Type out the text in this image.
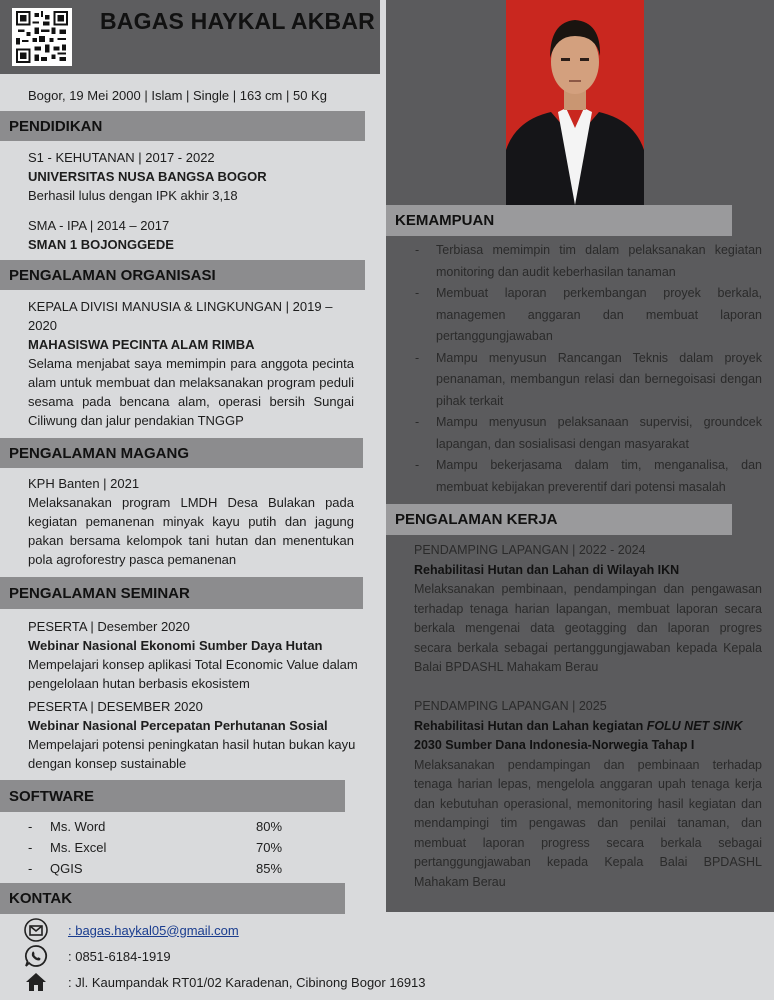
BAGAS HAYKAL AKBAR
Bogor, 19 Mei 2000 | Islam | Single | 163 cm | 50 Kg
PENDIDIKAN
S1 - KEHUTANAN | 2017 - 2022
UNIVERSITAS NUSA BANGSA BOGOR
Berhasil lulus dengan IPK akhir 3,18
SMA - IPA | 2014 – 2017
SMAN 1 BOJONGGEDE
PENGALAMAN ORGANISASI
KEPALA DIVISI MANUSIA & LINGKUNGAN | 2019 – 2020
MAHASISWA PECINTA ALAM RIMBA
Selama menjabat saya memimpin para anggota pecinta alam untuk membuat dan melaksanakan program peduli sesama pada bencana alam, operasi bersih Sungai Ciliwung dan jalur pendakian TNGGP
PENGALAMAN MAGANG
KPH Banten | 2021
Melaksanakan program LMDH Desa Bulakan pada kegiatan pemanenan minyak kayu putih dan jagung pakan bersama kelompok tani hutan dan menentukan pola agroforestry pasca pemanenan
PENGALAMAN SEMINAR
PESERTA | Desember 2020
Webinar Nasional Ekonomi Sumber Daya Hutan
Mempelajari konsep aplikasi Total Economic Value dalam pengelolaan hutan berbasis ekosistem
PESERTA | DESEMBER 2020
Webinar Nasional Percepatan Perhutanan Sosial
Mempelajari potensi peningkatan hasil hutan bukan kayu dengan konsep sustainable
SOFTWARE
- Ms. Word	80%
- Ms. Excel	70%
- QGIS	85%
KONTAK
: bagas.haykal05@gmail.com
: 0851-6184-1919
: Jl. Kaumpandak RT01/02 Karadenan, Cibinong Bogor 16913
KEMAMPUAN
- Terbiasa memimpin tim dalam pelaksanakan kegiatan monitoring dan audit keberhasilan tanaman
- Membuat laporan perkembangan proyek berkala, managemen anggaran dan membuat laporan pertanggungjawaban
- Mampu menyusun Rancangan Teknis dalam proyek penanaman, membangun relasi dan bernegoisasi dengan pihak terkait
- Mampu menyusun pelaksanaan supervisi, groundcek lapangan, dan sosialisasi dengan masyarakat
- Mampu bekerjasama dalam tim, menganalisa, dan membuat kebijakan preverentif dari potensi masalah
PENGALAMAN KERJA
PENDAMPING LAPANGAN | 2022 - 2024
Rehabilitasi Hutan dan Lahan di Wilayah IKN
Melaksanakan pembinaan, pendampingan dan pengawasan terhadap tenaga harian lapangan, membuat laporan secara berkala mengenai data geotagging dan laporan progres secara berkala sebagai pertanggungjawaban kepada Kepala Balai BPDASHL Mahakam Berau
PENDAMPING LAPANGAN | 2025
Rehabilitasi Hutan dan Lahan kegiatan FOLU NET SINK 2030 Sumber Dana Indonesia-Norwegia Tahap I
Melaksanakan pendampingan dan pembinaan terhadap tenaga harian lepas, mengelola anggaran upah tenaga kerja dan kebutuhan operasional, memonitoring hasil kegiatan dan mendampingi tim pengawas dan penilai tanaman, dan membuat laporan progress secara berkala sebagai pertanggungjawaban kepada Kepala Balai BPDASHL Mahakam Berau
